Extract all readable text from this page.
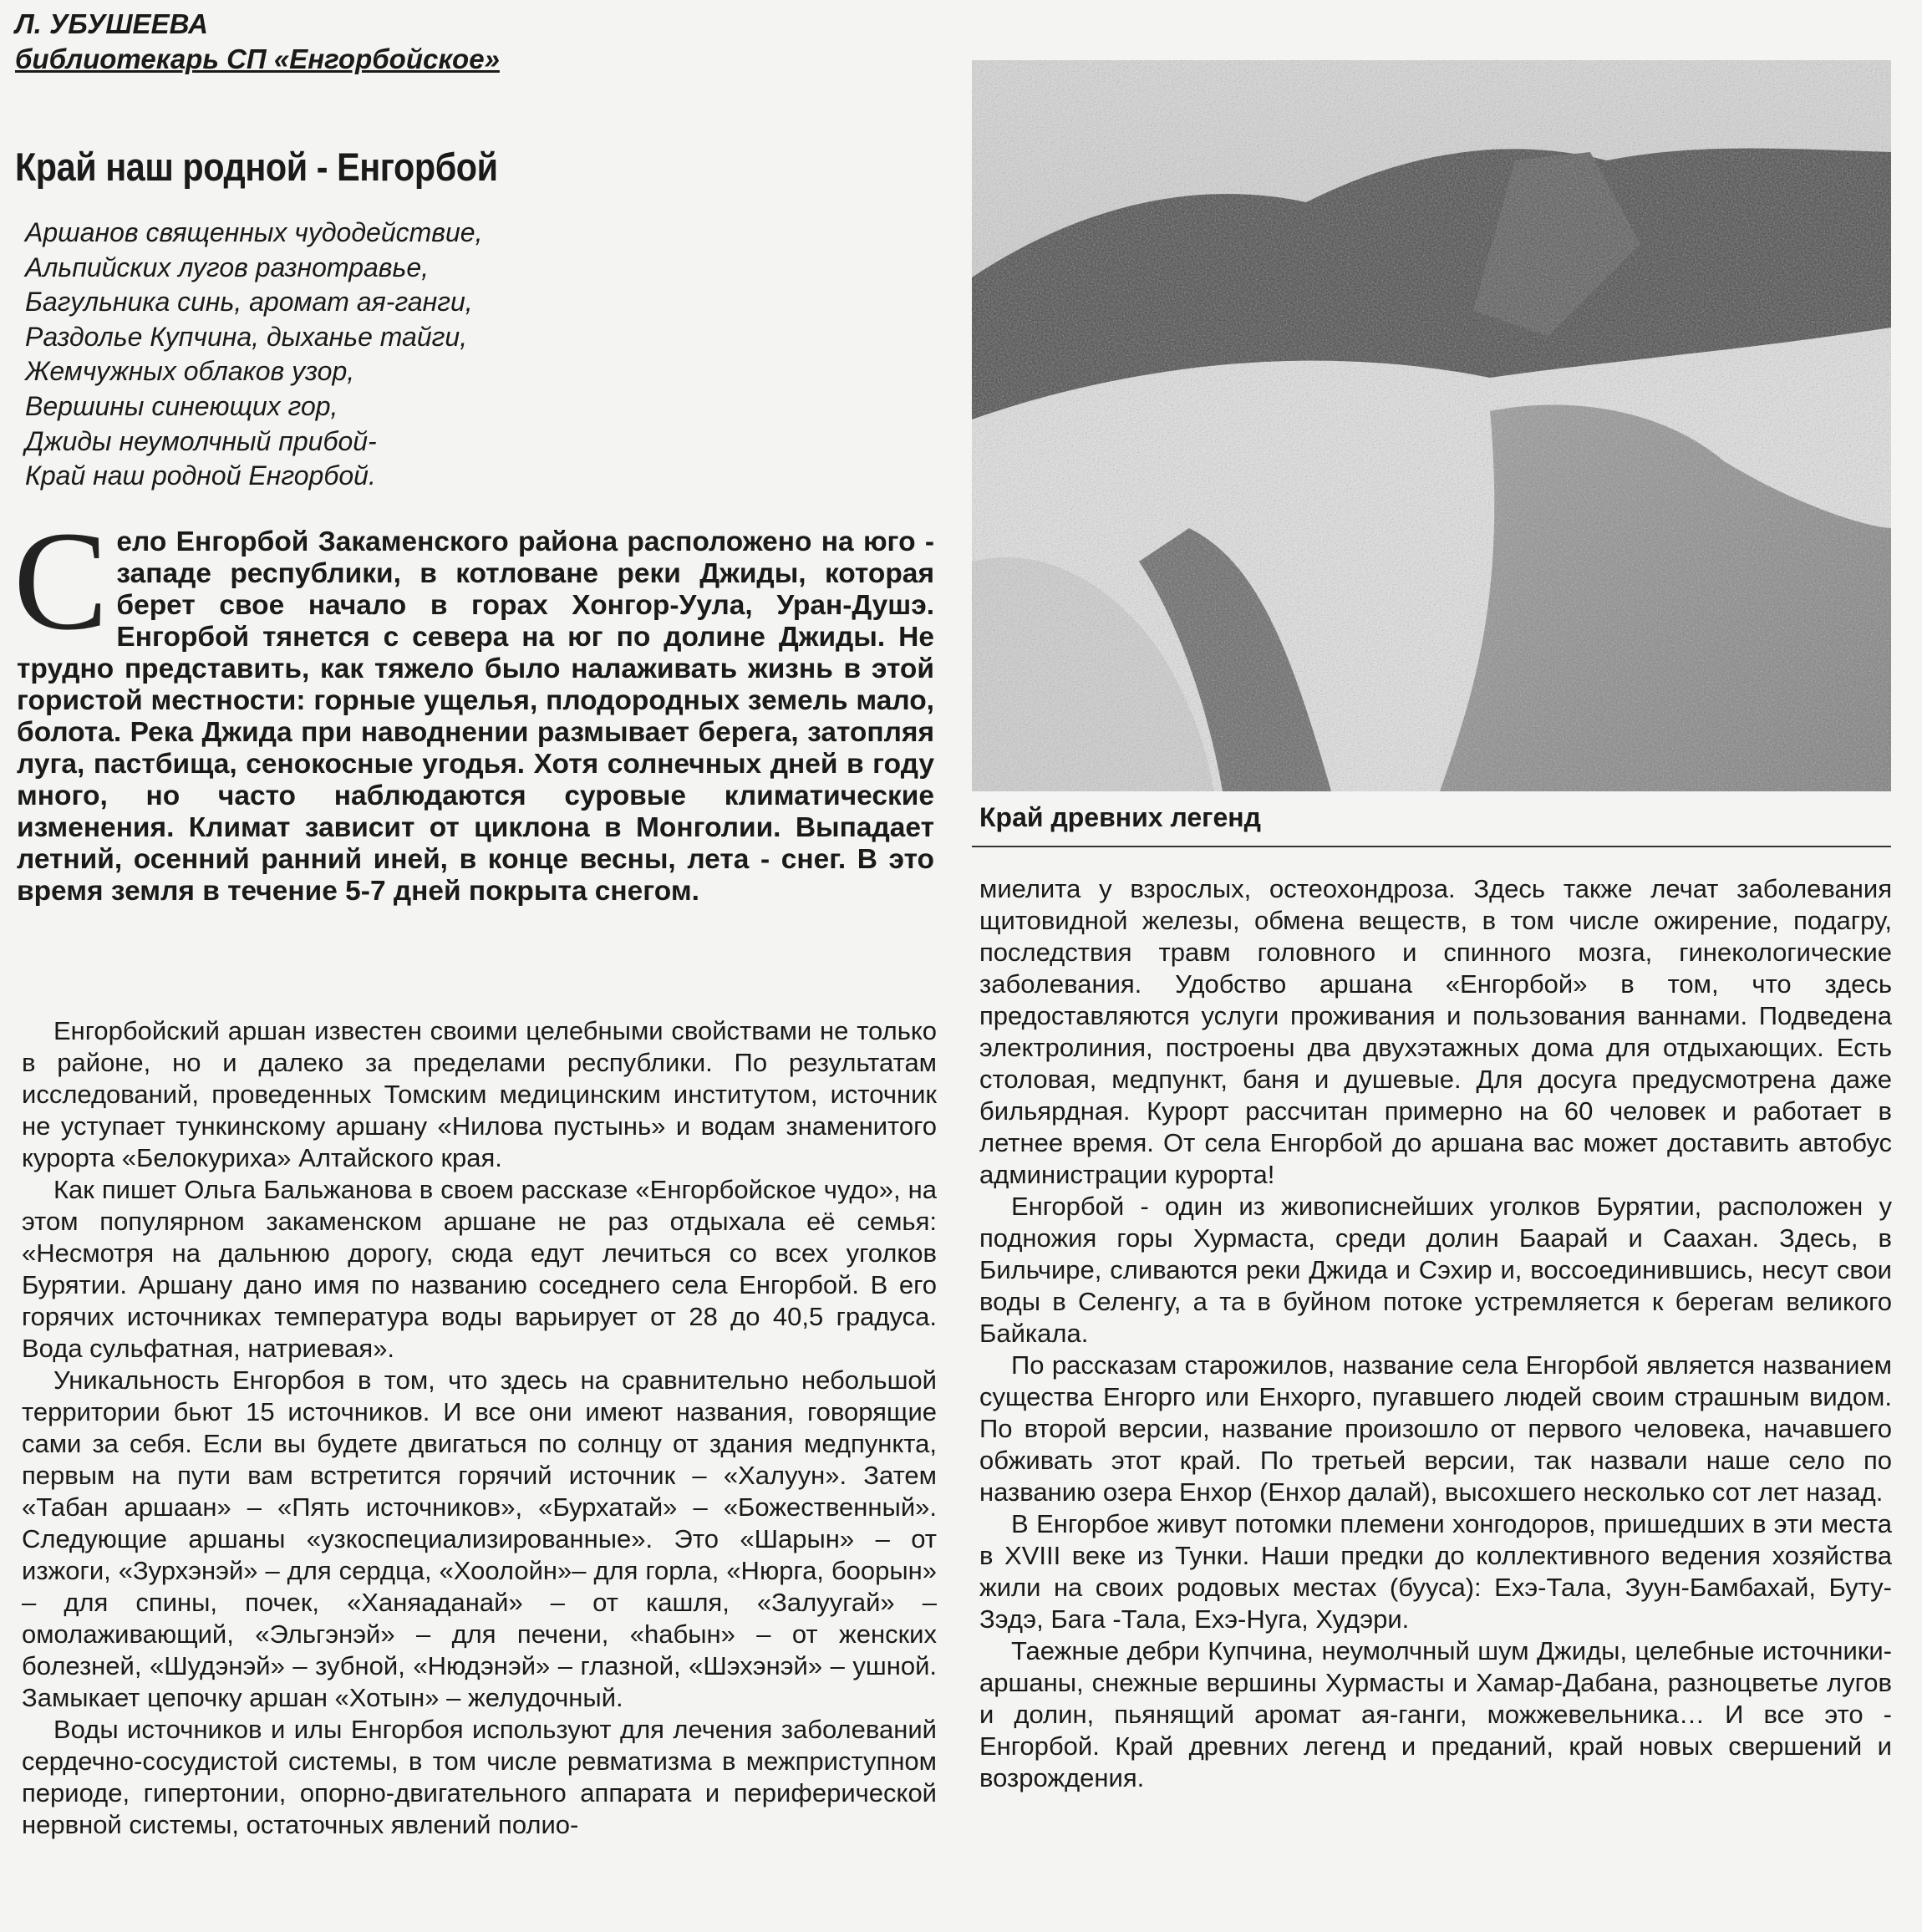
Л. УБУШЕЕВА
библиотекарь СП «Енгорбойское»
Край наш родной - Енгорбой
Аршанов священных чудодействие,
Альпийских лугов разнотравье,
Багульника синь, аромат ая-ганги,
Раздолье Купчина, дыханье тайги,
Жемчужных облаков узор,
Вершины синеющих гор,
Джиды неумолчный прибой-
Край наш родной Енгорбой.
Село Енгорбой Закаменского района расположено на юго - западе республики, в котловане реки Джиды, которая берет свое начало в горах Хонгор-Уула, Уран-Душэ. Енгорбой тянется с севера на юг по долине Джиды. Не трудно представить, как тяжело было налаживать жизнь в этой гористой местности: горные ущелья, плодородных земель мало, болота. Река Джида при наводнении размывает берега, затопляя луга, пастбища, сенокосные угодья. Хотя солнечных дней в году много, но часто наблюдаются суровые климатические изменения. Климат зависит от циклона в Монголии. Выпадает летний, осенний ранний иней, в конце весны, лета - снег. В это время земля в течение 5-7 дней покрыта снегом.
Край древних легенд

Енгорбойский аршан известен своими целебными свойствами не только в районе, но и далеко за пределами республики. По результатам исследований, проведенных Томским медицинским институтом, источник не уступает тункинскому аршану «Нилова пустынь» и водам знаменитого курорта «Белокуриха» Алтайского края.

Как пишет Ольга Бальжанова в своем рассказе «Енгорбойское чудо», на этом популярном закаменском аршане не раз отдыхала её семья: «Несмотря на дальнюю дорогу, сюда едут лечиться со всех уголков Бурятии. Аршану дано имя по названию соседнего села Енгорбой. В его горячих источниках температура воды варьирует от 28 до 40,5 градуса. Вода сульфатная, натриевая».

Уникальность Енгорбоя в том, что здесь на сравнительно небольшой территории бьют 15 источников. И все они имеют названия, говорящие сами за себя. Если вы будете двигаться по солнцу от здания медпункта, первым на пути вам встретится горячий источник – «Халуун». Затем «Табан аршаан» – «Пять источников», «Бурхатай» – «Божественный». Следующие аршаны «узкоспециализированные». Это «Шарын» – от изжоги, «Зурхэнэй» – для сердца, «Хоолойн»– для горла, «Нюрга, боорын» – для спины, почек, «Ханяаданай» – от кашля, «Залуугай» – омолаживающий, «Эльгэнэй» – для печени, «hабын» – от женских болезней, «Шудэнэй» – зубной, «Нюдэнэй» – глазной, «Шэхэнэй» – ушной. Замыкает цепочку аршан «Хотын» – желудочный.

Воды источников и илы Енгорбоя используют для лечения заболеваний сердечно-сосудистой системы, в том числе ревматизма в межприступном периоде, гипертонии, опорно-двигательного аппарата и периферической нервной системы, остаточных явлений полио-

миелита у взрослых, остеохондроза. Здесь также лечат заболевания щитовидной железы, обмена веществ, в том числе ожирение, подагру, последствия травм головного и спинного мозга, гинекологические заболевания. Удобство аршана «Енгорбой» в том, что здесь предоставляются услуги проживания и пользования ваннами. Подведена электролиния, построены два двухэтажных дома для отдыхающих. Есть столовая, медпункт, баня и душевые. Для досуга предусмотрена даже бильярдная. Курорт рассчитан примерно на 60 человек и работает в летнее время. От села Енгорбой до аршана вас может доставить автобус администрации курорта!

Енгорбой - один из живописнейших уголков Бурятии, расположен у подножия горы Хурмаста, среди долин Баарай и Саахан. Здесь, в Бильчире, сливаются реки Джида и Сэхир и, воссоединившись, несут свои воды в Селенгу, а та в буйном потоке устремляется к берегам великого Байкала.

По рассказам старожилов, название села Енгорбой является названием существа Енгорго или Енхорго, пугавшего людей своим страшным видом. По второй версии, название произошло от первого человека, начавшего обживать этот край. По третьей версии, так назвали наше село по названию озера Енхор (Енхор далай), высохшего несколько сот лет назад.

В Енгорбое живут потомки племени хонгодоров, пришедших в эти места в XVIII веке из Тунки. Наши предки до коллективного ведения хозяйства жили на своих родовых местах (бууса): Ехэ-Тала, Зуун-Бамбахай, Буту-Зэдэ, Бага -Тала, Ехэ-Нуга, Худэри.

Таежные дебри Купчина, неумолчный шум Джиды, целебные источники-аршаны, снежные вершины Хурмасты и Хамар-Дабана, разноцветье лугов и долин, пьянящий аромат ая-ганги, можжевельника… И все это - Енгорбой. Край древних легенд и преданий, край новых свершений и возрождения.
